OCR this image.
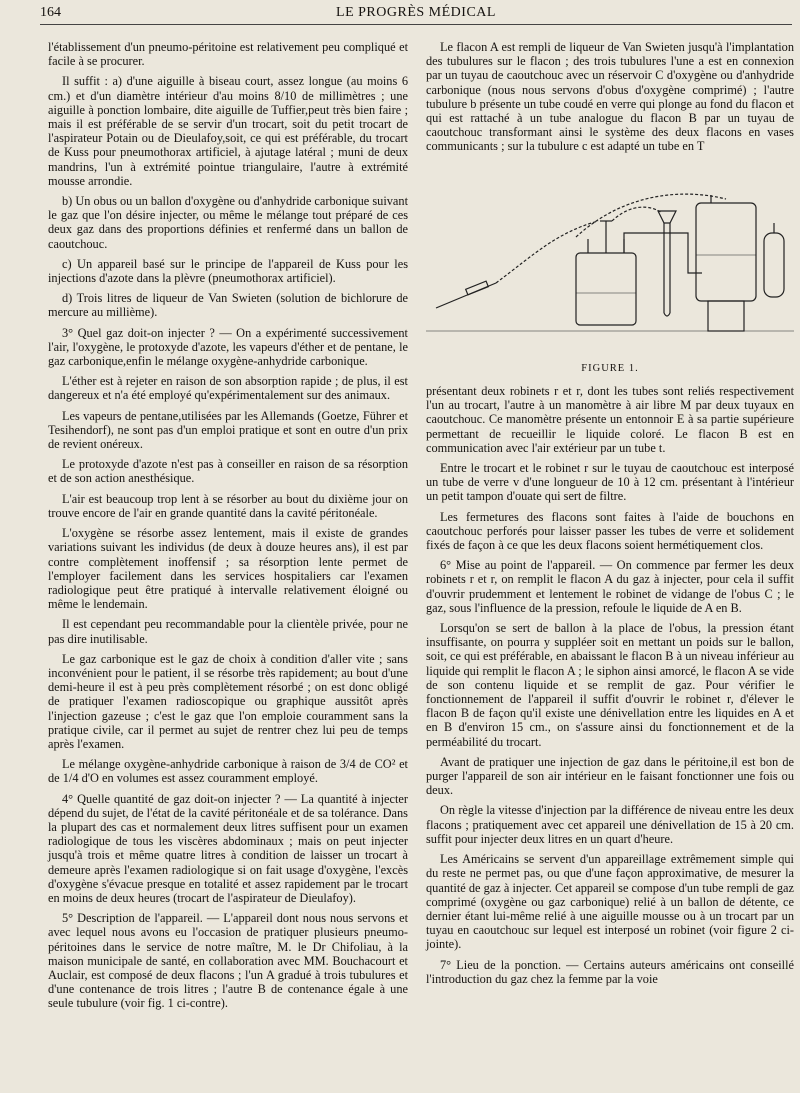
164	LE PROGRÈS MÉDICAL

l'établissement d'un pneumo-péritoine est relativement peu compliqué et facile à se procurer.

Il suffit : a) d'une aiguille à biseau court, assez longue (au moins 6 cm.) et d'un diamètre intérieur d'au moins 8/10 de millimètres ; une aiguille à ponction lombaire, dite aiguille de Tuffier,peut très bien faire ; mais il est préférable de se servir d'un trocart, soit du petit trocart de l'aspirateur Potain ou de Dieulafoy,soit, ce qui est préférable, du trocart de Kuss pour pneumothorax artificiel, à ajutage latéral ; muni de deux mandrins, l'un à extrémité pointue triangulaire, l'autre à extrémité mousse arrondie.

b) Un obus ou un ballon d'oxygène ou d'anhydride carbonique suivant le gaz que l'on désire injecter, ou même le mélange tout préparé de ces deux gaz dans des proportions définies et renfermé dans un ballon de caoutchouc.

c) Un appareil basé sur le principe de l'appareil de Kuss pour les injections d'azote dans la plèvre (pneumothorax artificiel).

d) Trois litres de liqueur de Van Swieten (solution de bichlorure de mercure au millième).

3° Quel gaz doit-on injecter ? — On a expérimenté successivement l'air, l'oxygène, le protoxyde d'azote, les vapeurs d'éther et de pentane, le gaz carbonique,enfin le mélange oxygène-anhydride carbonique.

L'éther est à rejeter en raison de son absorption rapide ; de plus, il est dangereux et n'a été employé qu'expérimentalement sur des animaux.

Les vapeurs de pentane,utilisées par les Allemands (Goetze, Führer et Tesihendorf), ne sont pas d'un emploi pratique et sont en outre d'un prix de revient onéreux.

Le protoxyde d'azote n'est pas à conseiller en raison de sa résorption et de son action anesthésique.

L'air est beaucoup trop lent à se résorber au bout du dixième jour on trouve encore de l'air en grande quantité dans la cavité péritonéale.

L'oxygène se résorbe assez lentement, mais il existe de grandes variations suivant les individus (de deux à douze heures ans), il est par contre complètement inoffensif ; sa résorption lente permet de l'employer facilement dans les services hospitaliers car l'examen radiologique peut être pratiqué à intervalle relativement éloigné ou même le lendemain.

Il est cependant peu recommandable pour la clientèle privée, pour ne pas dire inutilisable.

Le gaz carbonique est le gaz de choix à condition d'aller vite ; sans inconvénient pour le patient, il se résorbe très rapidement; au bout d'une demi-heure il est à peu près complètement résorbé ; on est donc obligé de pratiquer l'examen radioscopique ou graphique aussitôt après l'injection gazeuse ; c'est le gaz que l'on emploie couramment sans la pratique civile, car il permet au sujet de rentrer chez lui peu de temps après l'examen.

Le mélange oxygène-anhydride carbonique à raison de 3/4 de CO² et de 1/4 d'O en volumes est assez couramment employé.

4° Quelle quantité de gaz doit-on injecter ? — La quantité à injecter dépend du sujet, de l'état de la cavité péritonéale et de sa tolérance. Dans la plupart des cas et normalement deux litres suffisent pour un examen radiologique de tous les viscères abdominaux ; mais on peut injecter jusqu'à trois et même quatre litres à condition de laisser un trocart à demeure après l'examen radiologique si on fait usage d'oxygène, l'excès d'oxygène s'évacue presque en totalité et assez rapidement par le trocart en moins de deux heures (trocart de l'aspirateur de Dieulafoy).

5° Description de l'appareil. — L'appareil dont nous nous servons et avec lequel nous avons eu l'occasion de pratiquer plusieurs pneumo-péritoines dans le service de notre maître, M. le Dr Chifoliau, à la maison municipale de santé, en collaboration avec MM. Bouchacourt et Auclair, est composé de deux flacons ; l'un A gradué à trois tubulures et d'une contenance de trois litres ; l'autre B de contenance égale à une seule tubulure (voir fig. 1 ci-contre).

Le flacon A est rempli de liqueur de Van Swieten jusqu'à l'implantation des tubulures sur le flacon ; des trois tubulures l'une a est en connexion par un tuyau de caoutchouc avec un réservoir C d'oxygène ou d'anhydride carbonique (nous nous servons d'obus d'oxygène comprimé) ; l'autre tubulure b présente un tube coudé en verre qui plonge au fond du flacon et qui est rattaché à un tube analogue du flacon B par un tuyau de caoutchouc transformant ainsi le système des deux flacons en vases communicants ; sur la tubulure c est adapté un tube en T

FIGURE 1.

présentant deux robinets r et r, dont les tubes sont reliés respectivement l'un au trocart, l'autre à un manomètre à air libre M par deux tuyaux en caoutchouc. Ce manomètre présente un entonnoir E à sa partie supérieure permettant de recueillir le liquide coloré. Le flacon B est en communication avec l'air extérieur par un tube t.

Entre le trocart et le robinet r sur le tuyau de caoutchouc est interposé un tube de verre v d'une longueur de 10 à 12 cm. présentant à l'intérieur un petit tampon d'ouate qui sert de filtre.

Les fermetures des flacons sont faites à l'aide de bouchons en caoutchouc perforés pour laisser passer les tubes de verre et solidement fixés de façon à ce que les deux flacons soient hermétiquement clos.

6° Mise au point de l'appareil. — On commence par fermer les deux robinets r et r, on remplit le flacon A du gaz à injecter, pour cela il suffit d'ouvrir prudemment et lentement le robinet de vidange de l'obus C ; le gaz, sous l'influence de la pression, refoule le liquide de A en B.

Lorsqu'on se sert de ballon à la place de l'obus, la pression étant insuffisante, on pourra y suppléer soit en mettant un poids sur le ballon, soit, ce qui est préférable, en abaissant le flacon B à un niveau inférieur au liquide qui remplit le flacon A ; le siphon ainsi amorcé, le flacon A se vide de son contenu liquide et se remplit de gaz. Pour vérifier le fonctionnement de l'appareil il suffit d'ouvrir le robinet r, d'élever le flacon B de façon qu'il existe une dénivellation entre les liquides en A et en B d'environ 15 cm., on s'assure ainsi du fonctionnement et de la perméabilité du trocart.

Avant de pratiquer une injection de gaz dans le péritoine,il est bon de purger l'appareil de son air intérieur en le faisant fonctionner une fois ou deux.

On règle la vitesse d'injection par la différence de niveau entre les deux flacons ; pratiquement avec cet appareil une dénivellation de 15 à 20 cm. suffit pour injecter deux litres en un quart d'heure.

Les Américains se servent d'un appareillage extrêmement simple qui du reste ne permet pas, ou que d'une façon approximative, de mesurer la quantité de gaz à injecter. Cet appareil se compose d'un tube rempli de gaz comprimé (oxygène ou gaz carbonique) relié à un ballon de détente, ce dernier étant lui-même relié à une aiguille mousse ou à un trocart par un tuyau en caoutchouc sur lequel est interposé un robinet (voir figure 2 ci-jointe).

7° Lieu de la ponction. — Certains auteurs américains ont conseillé l'introduction du gaz chez la femme par la voie
